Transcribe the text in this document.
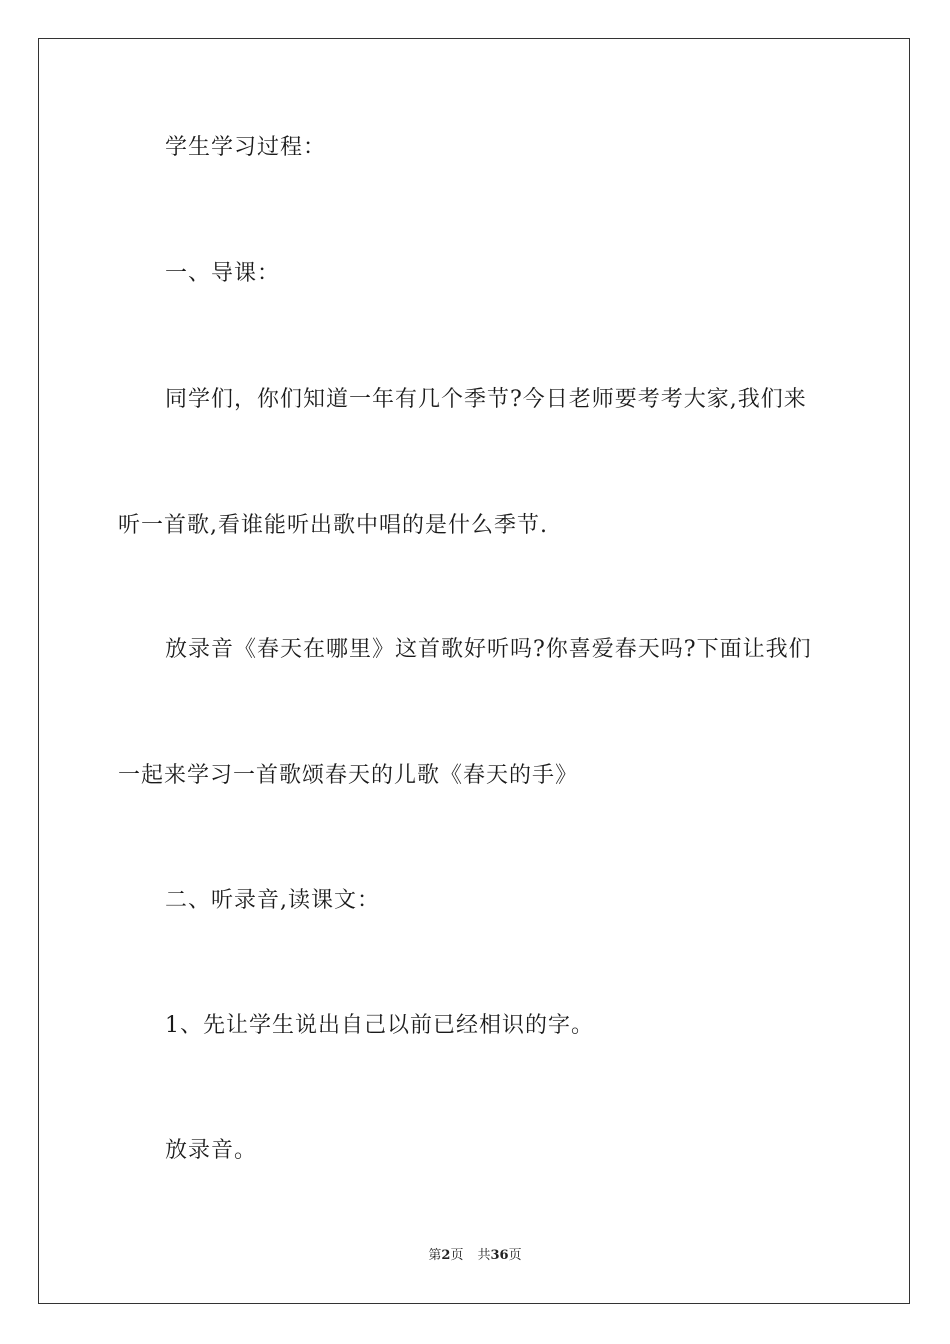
学生学习过程：
一、导课：
同学们，你们知道一年有几个季节?今日老师要考考大家,我们来
听一首歌,看谁能听出歌中唱的是什么季节.
放录音《春天在哪里》这首歌好听吗?你喜爱春天吗?下面让我们
一起来学习一首歌颂春天的儿歌《春天的手》
二、听录音,读课文：
1、先让学生说出自己以前已经相识的字。
放录音。
第2页 共36页
